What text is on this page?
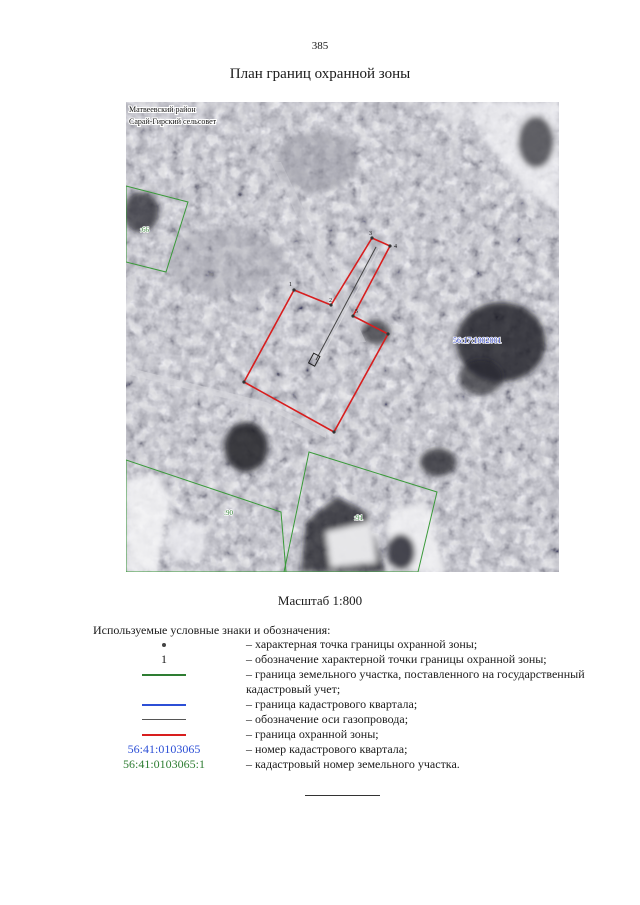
385
План границ охранной зоны
1
2
3
4
5
Матвеевский район
Сарай-Гирский сельсовет
56:17:1002001
:66
:90
:91
Масштаб 1:800
Используемые условные знаки и обозначения:
– характерная точка границы охранной зоны;
1	– обозначение характерной точки границы охранной зоны;
– граница земельного участка, поставленного на государственный кадастровый учет;
– граница кадастрового квартала;
– обозначение оси газопровода;
– граница охранной зоны;
56:41:0103065	– номер кадастрового квартала;
56:41:0103065:1	– кадастровый номер земельного участка.
